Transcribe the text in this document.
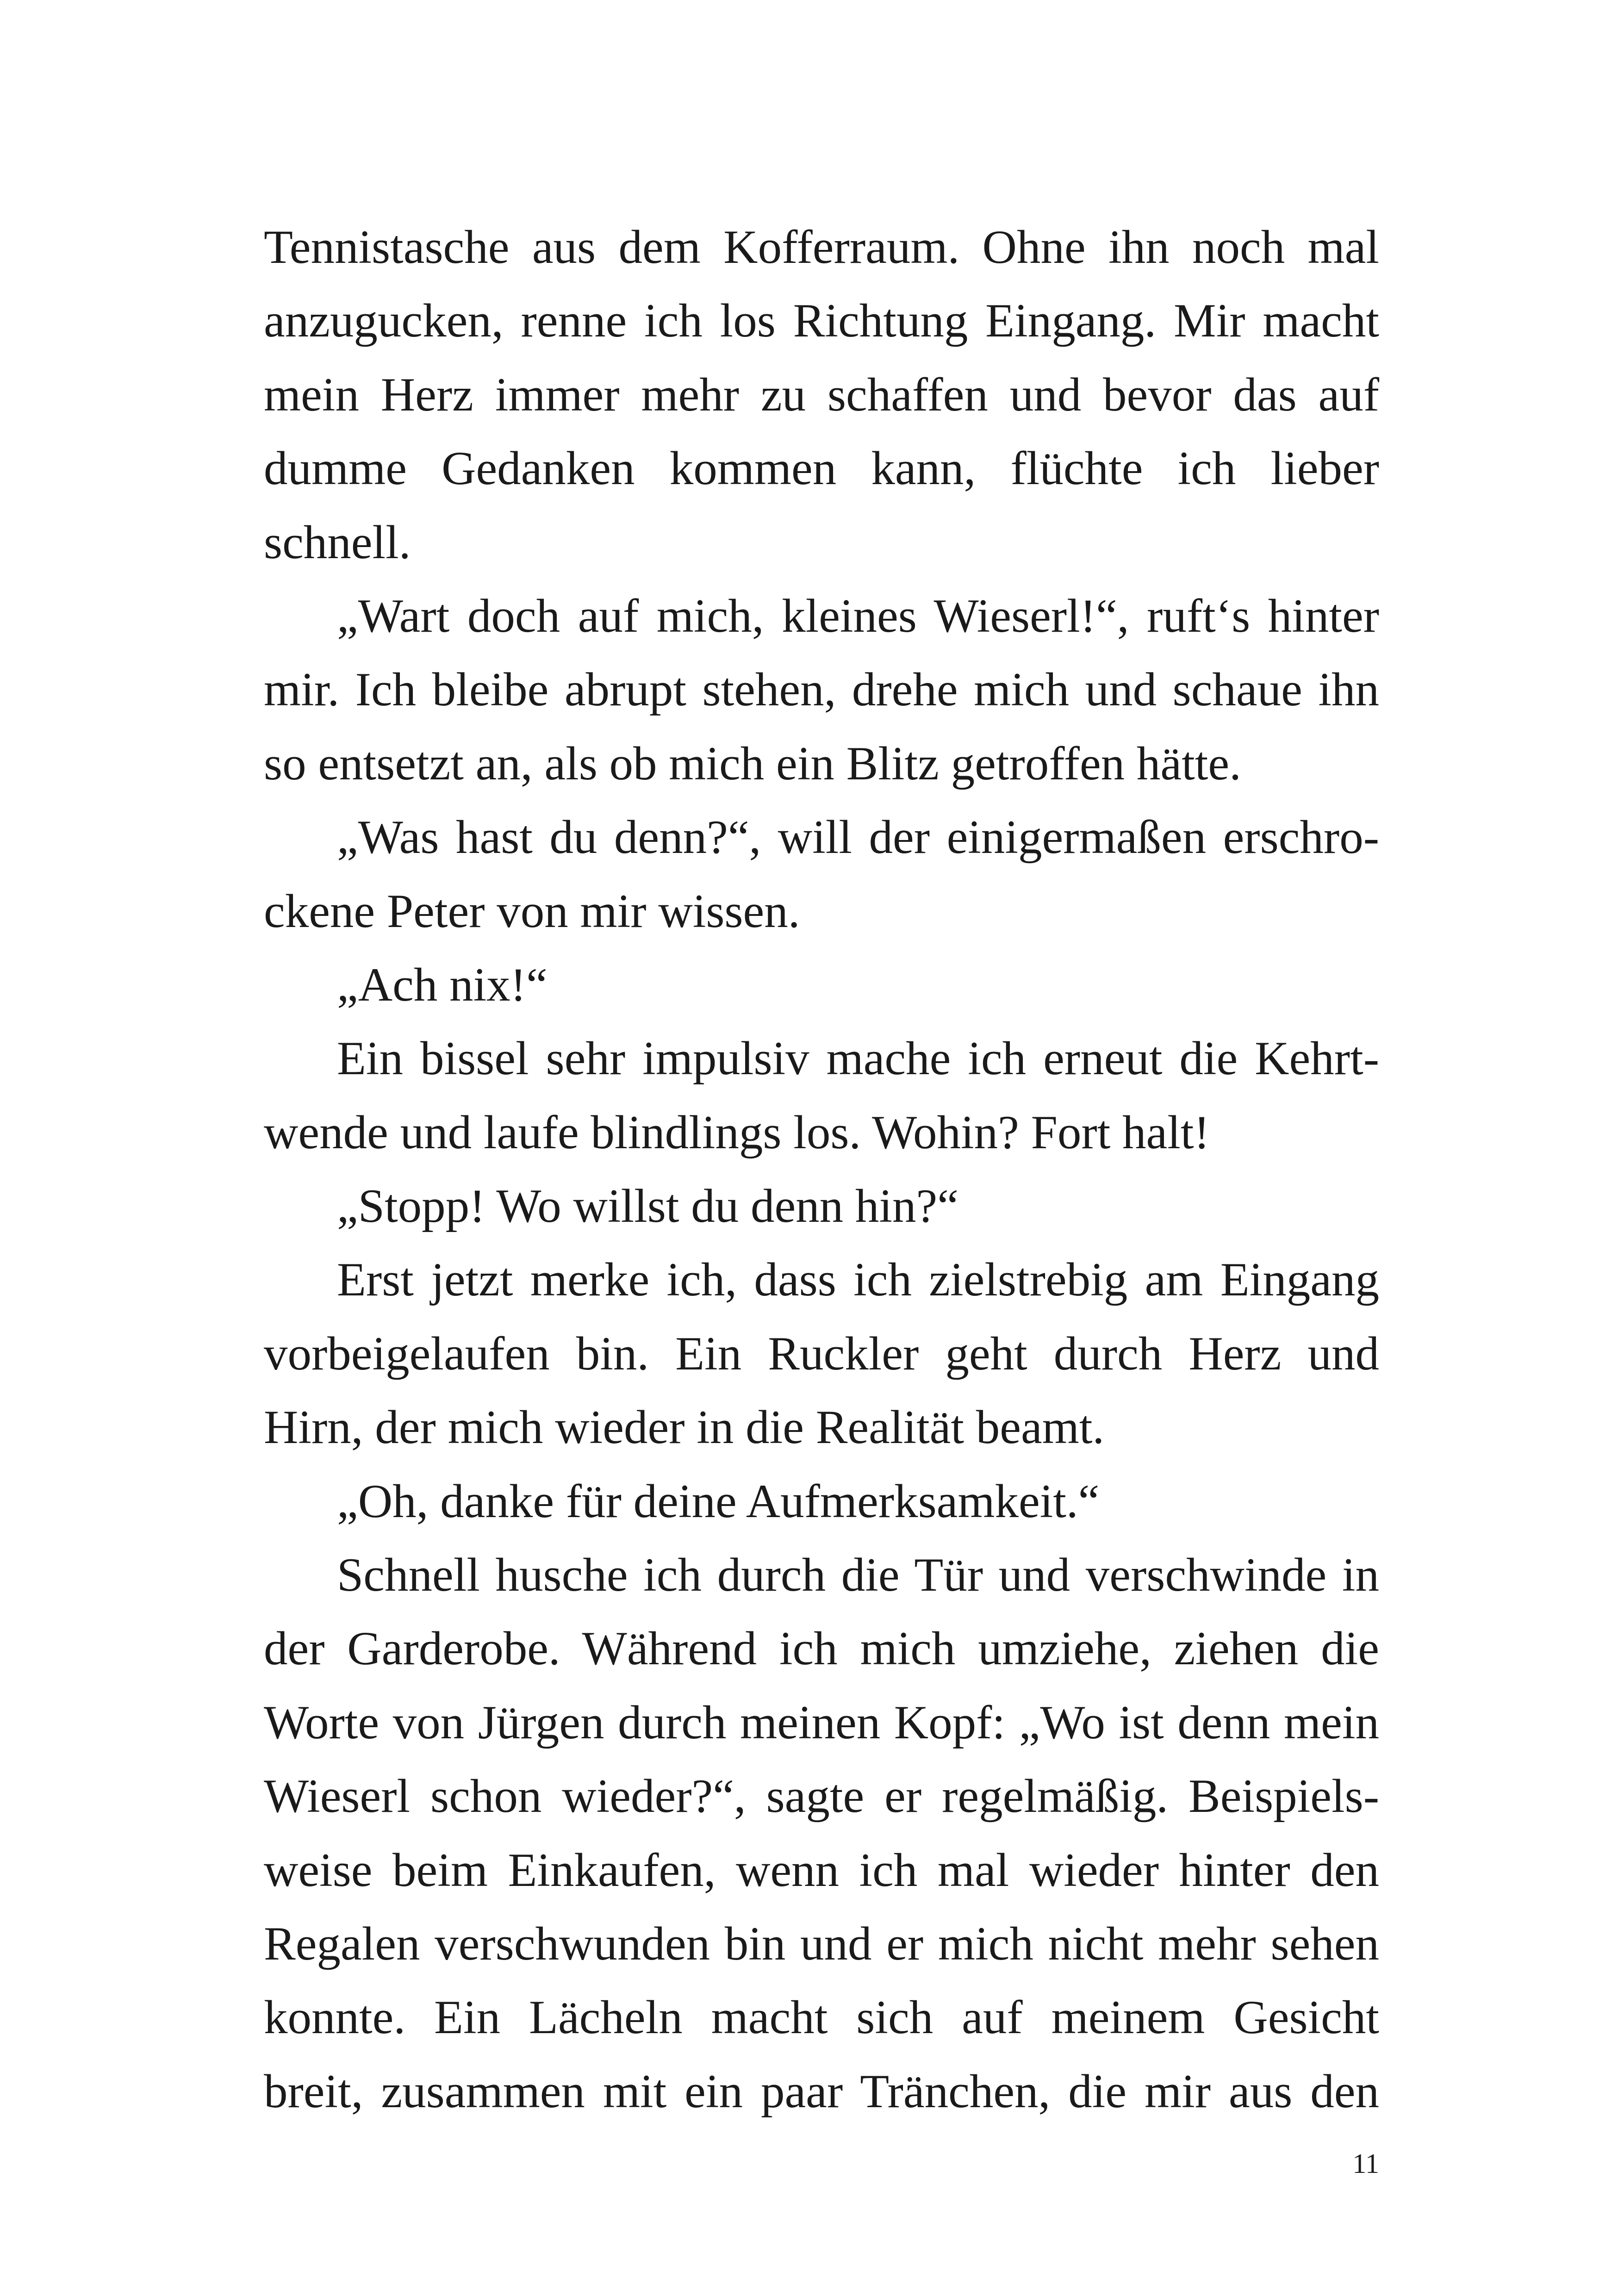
Tennistasche aus dem Kofferraum. Ohne ihn noch mal
anzugucken, renne ich los Richtung Eingang. Mir macht
mein Herz immer mehr zu schaffen und bevor das auf
dumme Gedanken kommen kann, flüchte ich lieber
schnell.
„Wart doch auf mich, kleines Wieserl!“, ruft‘s hinter
mir. Ich bleibe abrupt stehen, drehe mich und schaue ihn
so entsetzt an, als ob mich ein Blitz getroffen hätte.
„Was hast du denn?“, will der einigermaßen erschro-
ckene Peter von mir wissen.
„Ach nix!“
Ein bissel sehr impulsiv mache ich erneut die Kehrt-
wende und laufe blindlings los. Wohin? Fort halt!
„Stopp! Wo willst du denn hin?“
Erst jetzt merke ich, dass ich zielstrebig am Eingang
vorbeigelaufen bin. Ein Ruckler geht durch Herz und
Hirn, der mich wieder in die Realität beamt.
„Oh, danke für deine Aufmerksamkeit.“
Schnell husche ich durch die Tür und verschwinde in
der Garderobe. Während ich mich umziehe, ziehen die
Worte von Jürgen durch meinen Kopf: „Wo ist denn mein
Wieserl schon wieder?“, sagte er regelmäßig. Beispiels-
weise beim Einkaufen, wenn ich mal wieder hinter den
Regalen verschwunden bin und er mich nicht mehr sehen
konnte. Ein Lächeln macht sich auf meinem Gesicht
breit, zusammen mit ein paar Tränchen, die mir aus den
11
